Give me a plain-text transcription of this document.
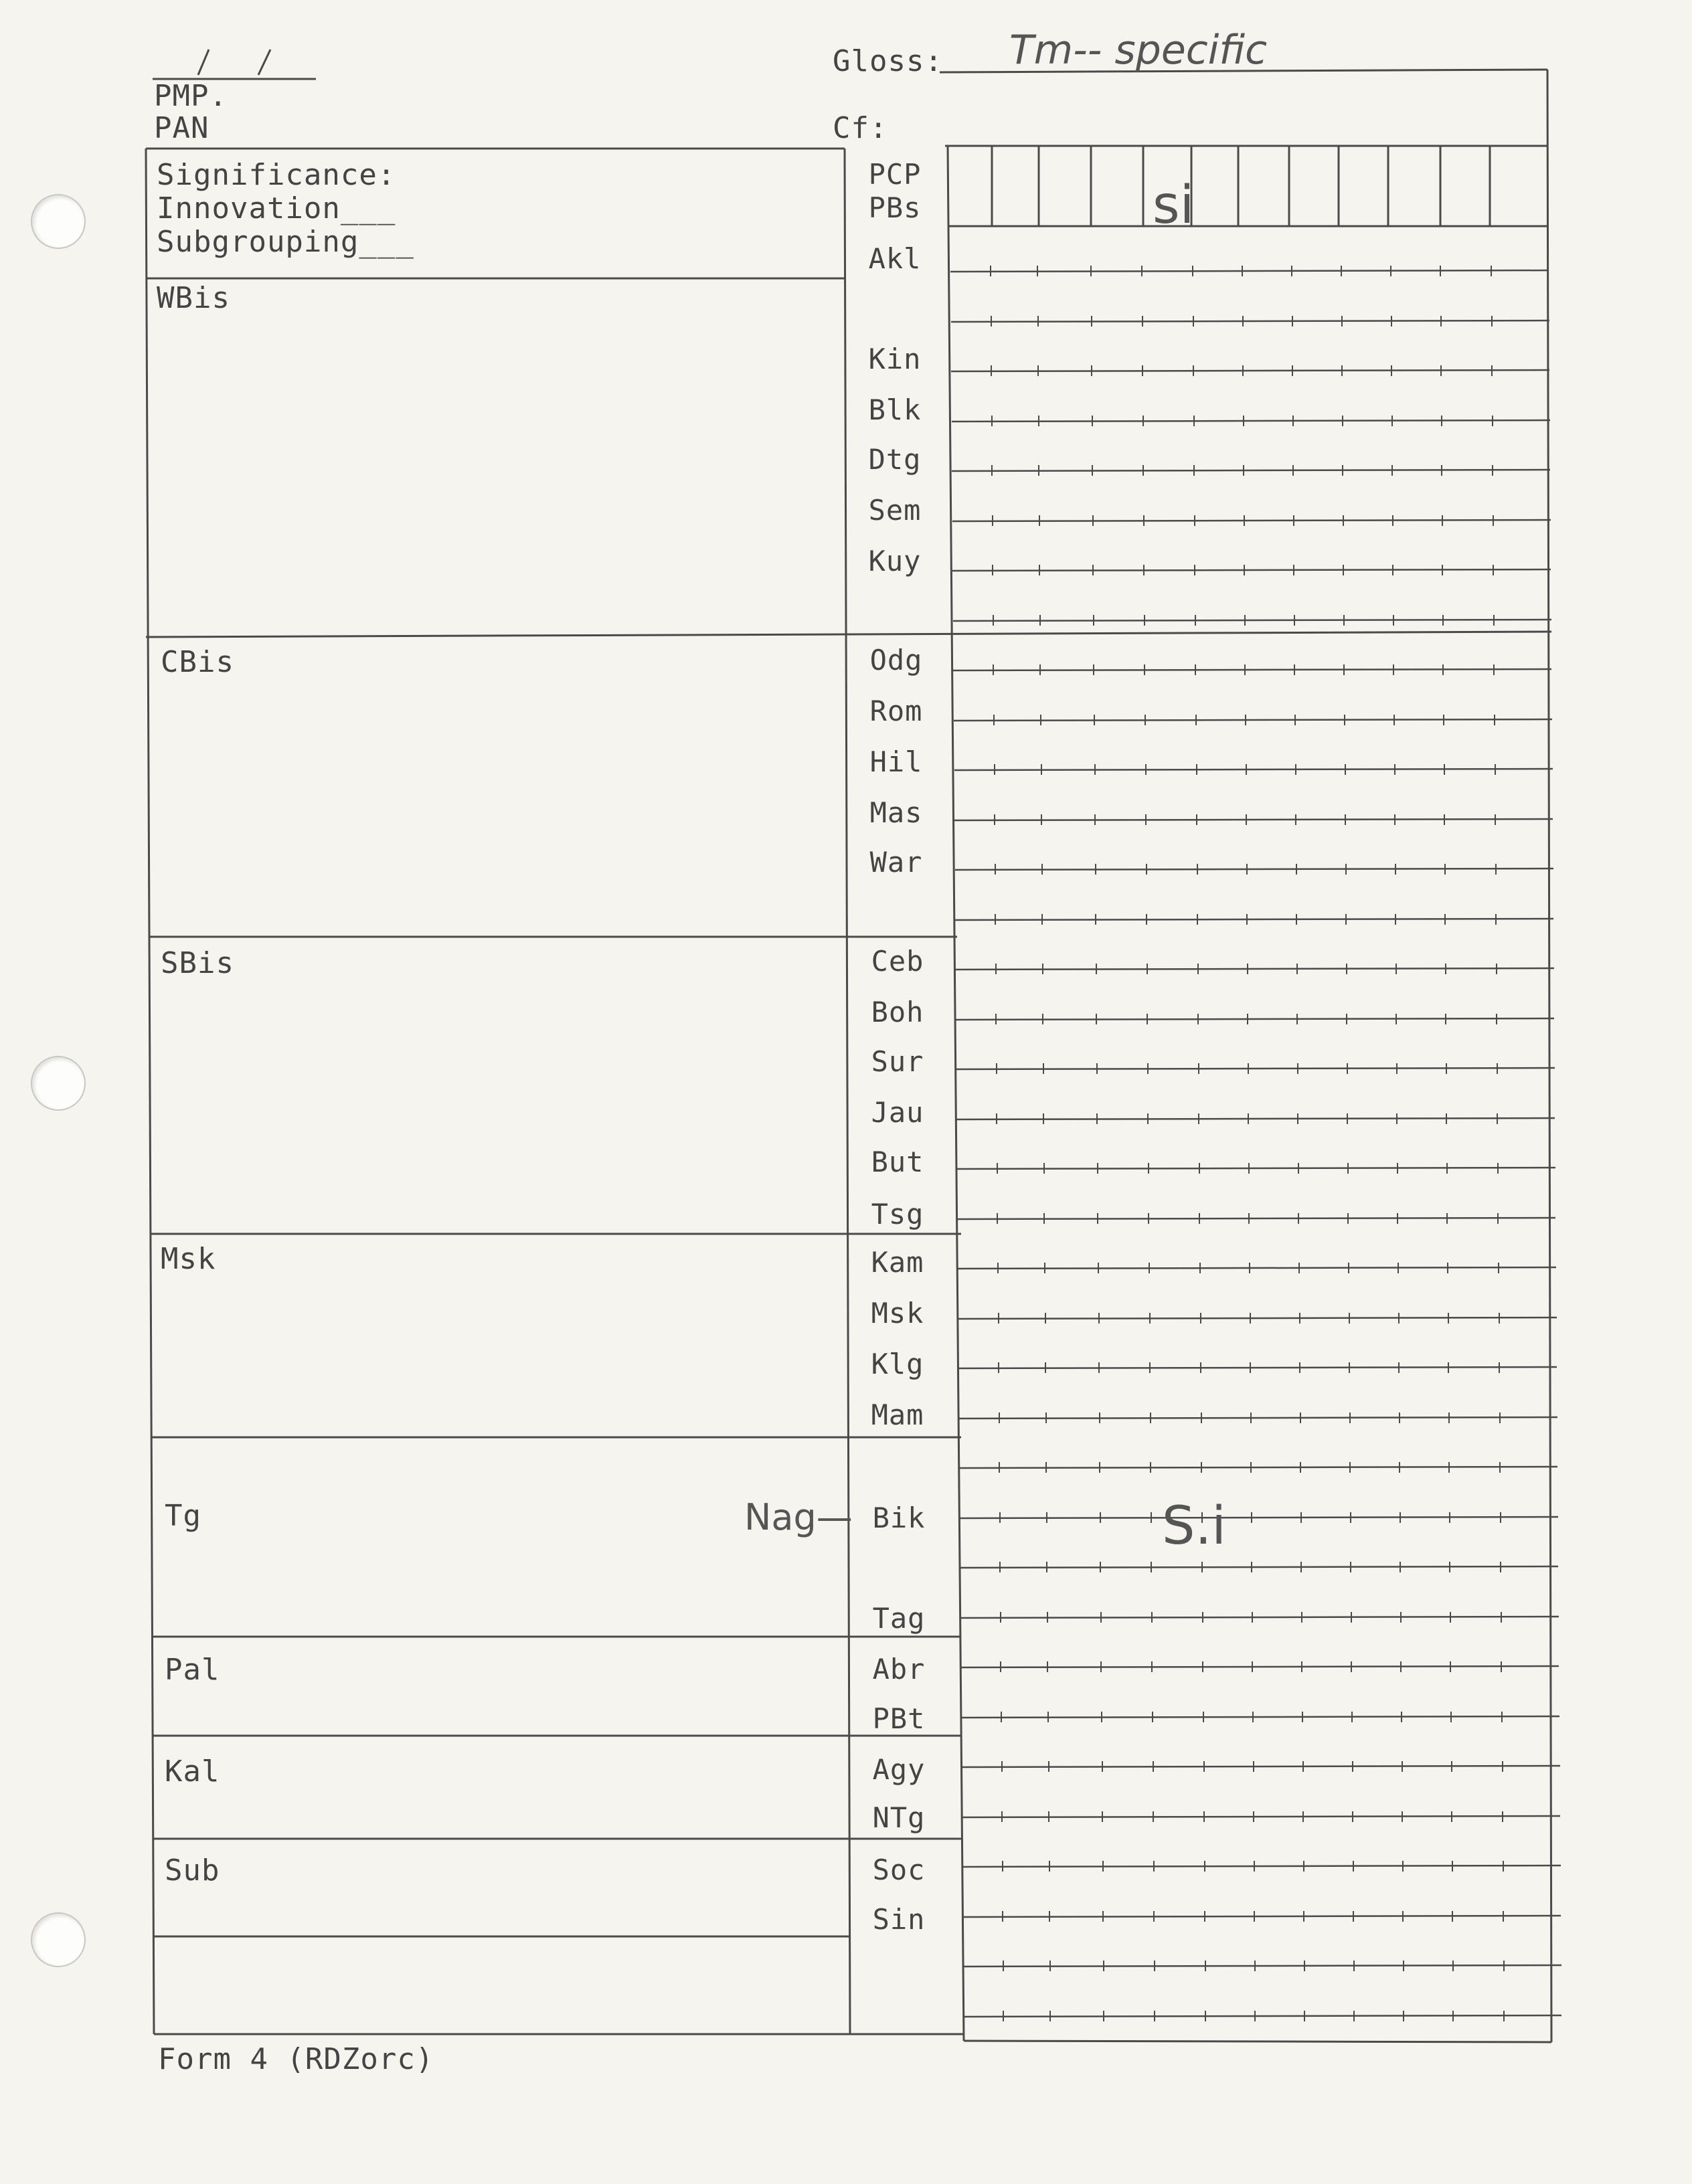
PMP.
PAN
Gloss: Tm-- specific
Cf:
Significance:
Innovation___
Subgrouping___
WBis
CBis
SBis
Msk
Tg
Pal
Kal
Sub
PCP
PBs
Akl
Kin
Blk
Dtg
Sem
Kuy
Odg
Rom
Hil
Mas
War
Ceb
Boh
Sur
Jau
But
Tsg
Kam
Msk
Klg
Mam
Bik
Tag
Abr
PBt
Agy
NTg
Soc
Sin
si
S.i
Nag—
Form 4 (RDZorc)
